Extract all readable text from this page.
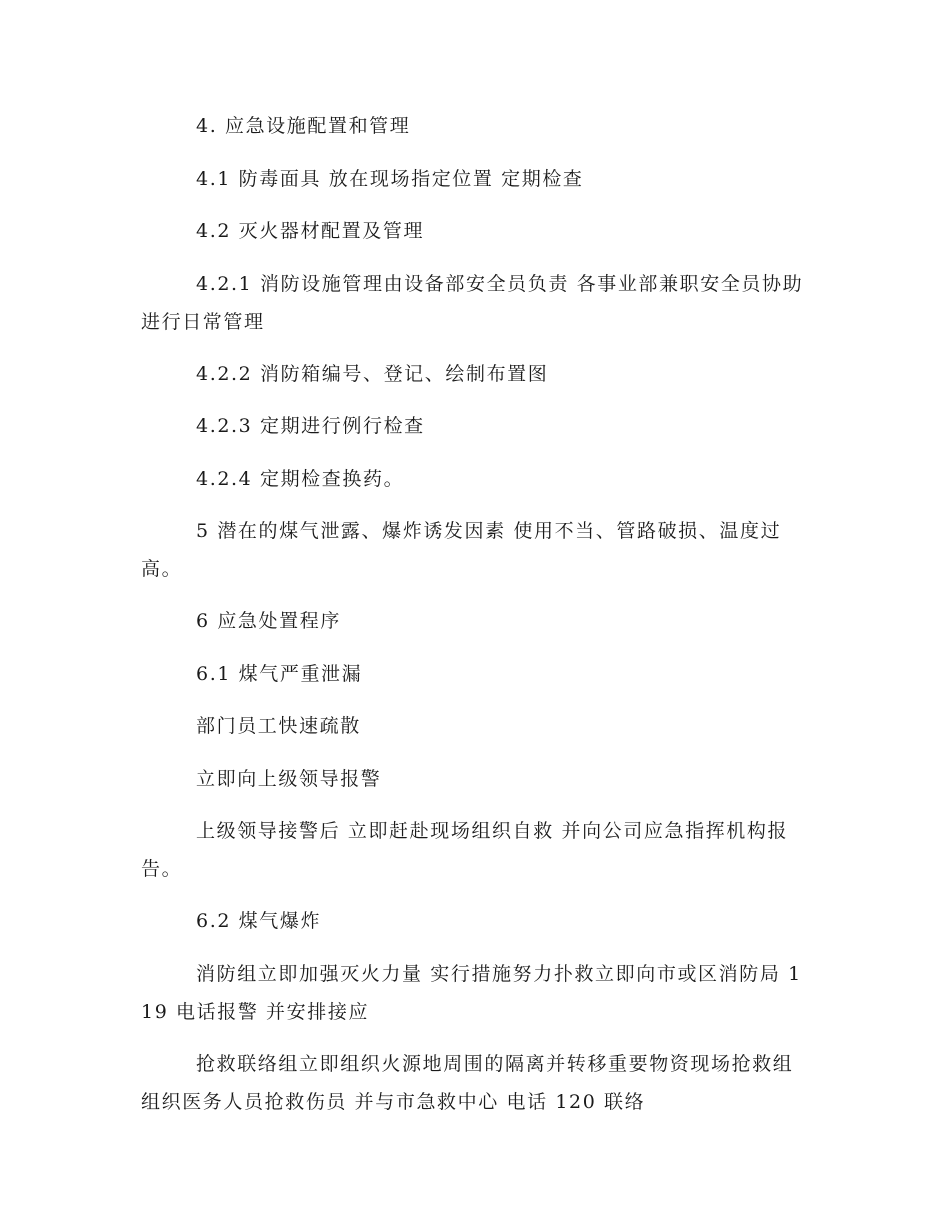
4. 应急设施配置和管理

4.1 防毒面具 放在现场指定位置 定期检查

4.2 灭火器材配置及管理

4.2.1 消防设施管理由设备部安全员负责 各事业部兼职安全员协助进行日常管理

4.2.2 消防箱编号、登记、绘制布置图

4.2.3 定期进行例行检查

4.2.4 定期检查换药。

5 潜在的煤气泄露、爆炸诱发因素 使用不当、管路破损、温度过高。

6 应急处置程序

6.1 煤气严重泄漏

部门员工快速疏散

立即向上级领导报警

上级领导接警后 立即赶赴现场组织自救 并向公司应急指挥机构报告。

6.2 煤气爆炸

消防组立即加强灭火力量 实行措施努力扑救立即向市或区消防局 119 电话报警 并安排接应

抢救联络组立即组织火源地周围的隔离并转移重要物资现场抢救组组织医务人员抢救伤员 并与市急救中心 电话 120 联络
